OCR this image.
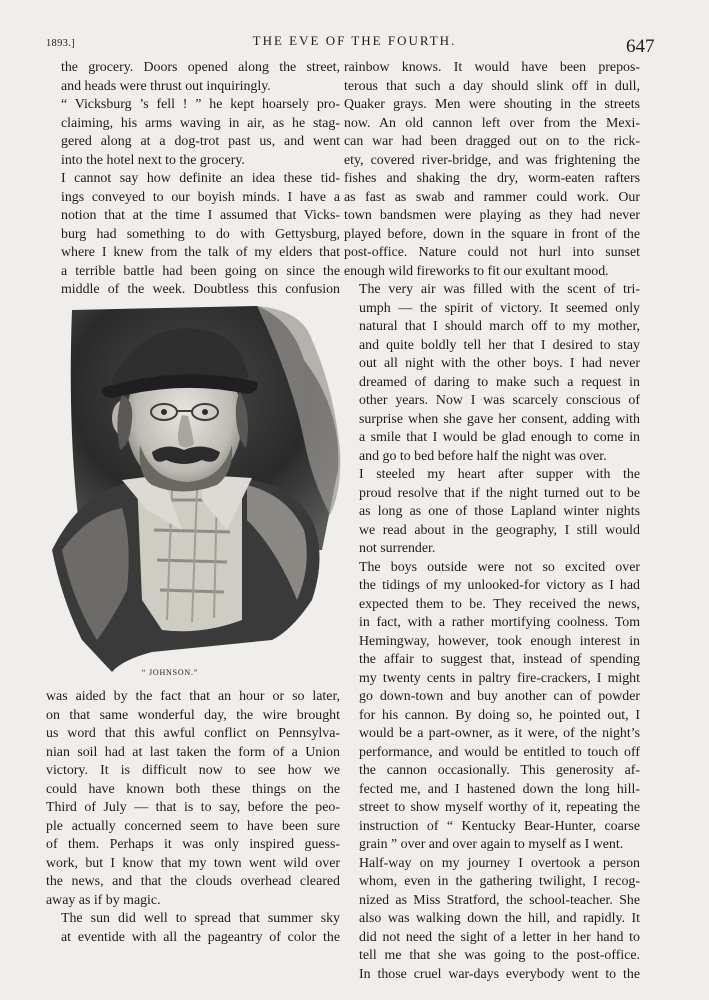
1893.]	THE EVE OF THE FOURTH.	647

the grocery. Doors opened along the street,
and heads were thrust out inquiringly.

“ Vicksburg ’s fell ! ” he kept hoarsely pro-
claiming, his arms waving in air, as he stag-
gered along at a dog-trot past us, and went
into the hotel next to the grocery.

I cannot say how definite an idea these tid-
ings conveyed to our boyish minds. I have a
notion that at the time I assumed that Vicks-
burg had something to do with Gettysburg,
where I knew from the talk of my elders that
a terrible battle had been going on since the
middle of the week. Doubtless this confusion

W
“ JOHNSON.”

was aided by the fact that an hour or so later,
on that same wonderful day, the wire brought
us word that this awful conflict on Pennsylva-
nian soil had at last taken the form of a Union
victory. It is difficult now to see how we
could have known both these things on the
Third of July — that is to say, before the peo-
ple actually concerned seem to have been sure
of them. Perhaps it was only inspired guess-
work, but I know that my town went wild over
the news, and that the clouds overhead cleared
away as if by magic.

The sun did well to spread that summer sky
at eventide with all the pageantry of color the

rainbow knows. It would have been prepos-
terous that such a day should slink off in dull,
Quaker grays. Men were shouting in the streets
now. An old cannon left over from the Mexi-
can war had been dragged out on to the rick-
ety, covered river-bridge, and was frightening the
fishes and shaking the dry, worm-eaten rafters
as fast as swab and rammer could work. Our
town bandsmen were playing as they had never
played before, down in the square in front of the
post-office. Nature could not hurl into sunset
enough wild fireworks to fit our exultant mood.

The very air was filled with the scent of tri-
umph — the spirit of victory. It seemed only
natural that I should march off to my mother,
and quite boldly tell her that I desired to stay
out all night with the other boys. I had never
dreamed of daring to make such a request in
other years. Now I was scarcely conscious of
surprise when she gave her consent, adding with
a smile that I would be glad enough to come in
and go to bed before half the night was over.

I steeled my heart after supper with the
proud resolve that if the night turned out to be
as long as one of those Lapland winter nights
we read about in the geography, I still would
not surrender.

The boys outside were not so excited over
the tidings of my unlooked-for victory as I had
expected them to be. They received the news,
in fact, with a rather mortifying coolness. Tom
Hemingway, however, took enough interest in
the affair to suggest that, instead of spending
my twenty cents in paltry fire-crackers, I might
go down-town and buy another can of powder
for his cannon. By doing so, he pointed out, I
would be a part-owner, as it were, of the night’s
performance, and would be entitled to touch off
the cannon occasionally. This generosity af-
fected me, and I hastened down the long hill-
street to show myself worthy of it, repeating the
instruction of “ Kentucky Bear-Hunter, coarse
grain ” over and over again to myself as I went.

Half-way on my journey I overtook a person
whom, even in the gathering twilight, I recog-
nized as Miss Stratford, the school-teacher. She
also was walking down the hill, and rapidly. It
did not need the sight of a letter in her hand to
tell me that she was going to the post-office.
In those cruel war-days everybody went to the
